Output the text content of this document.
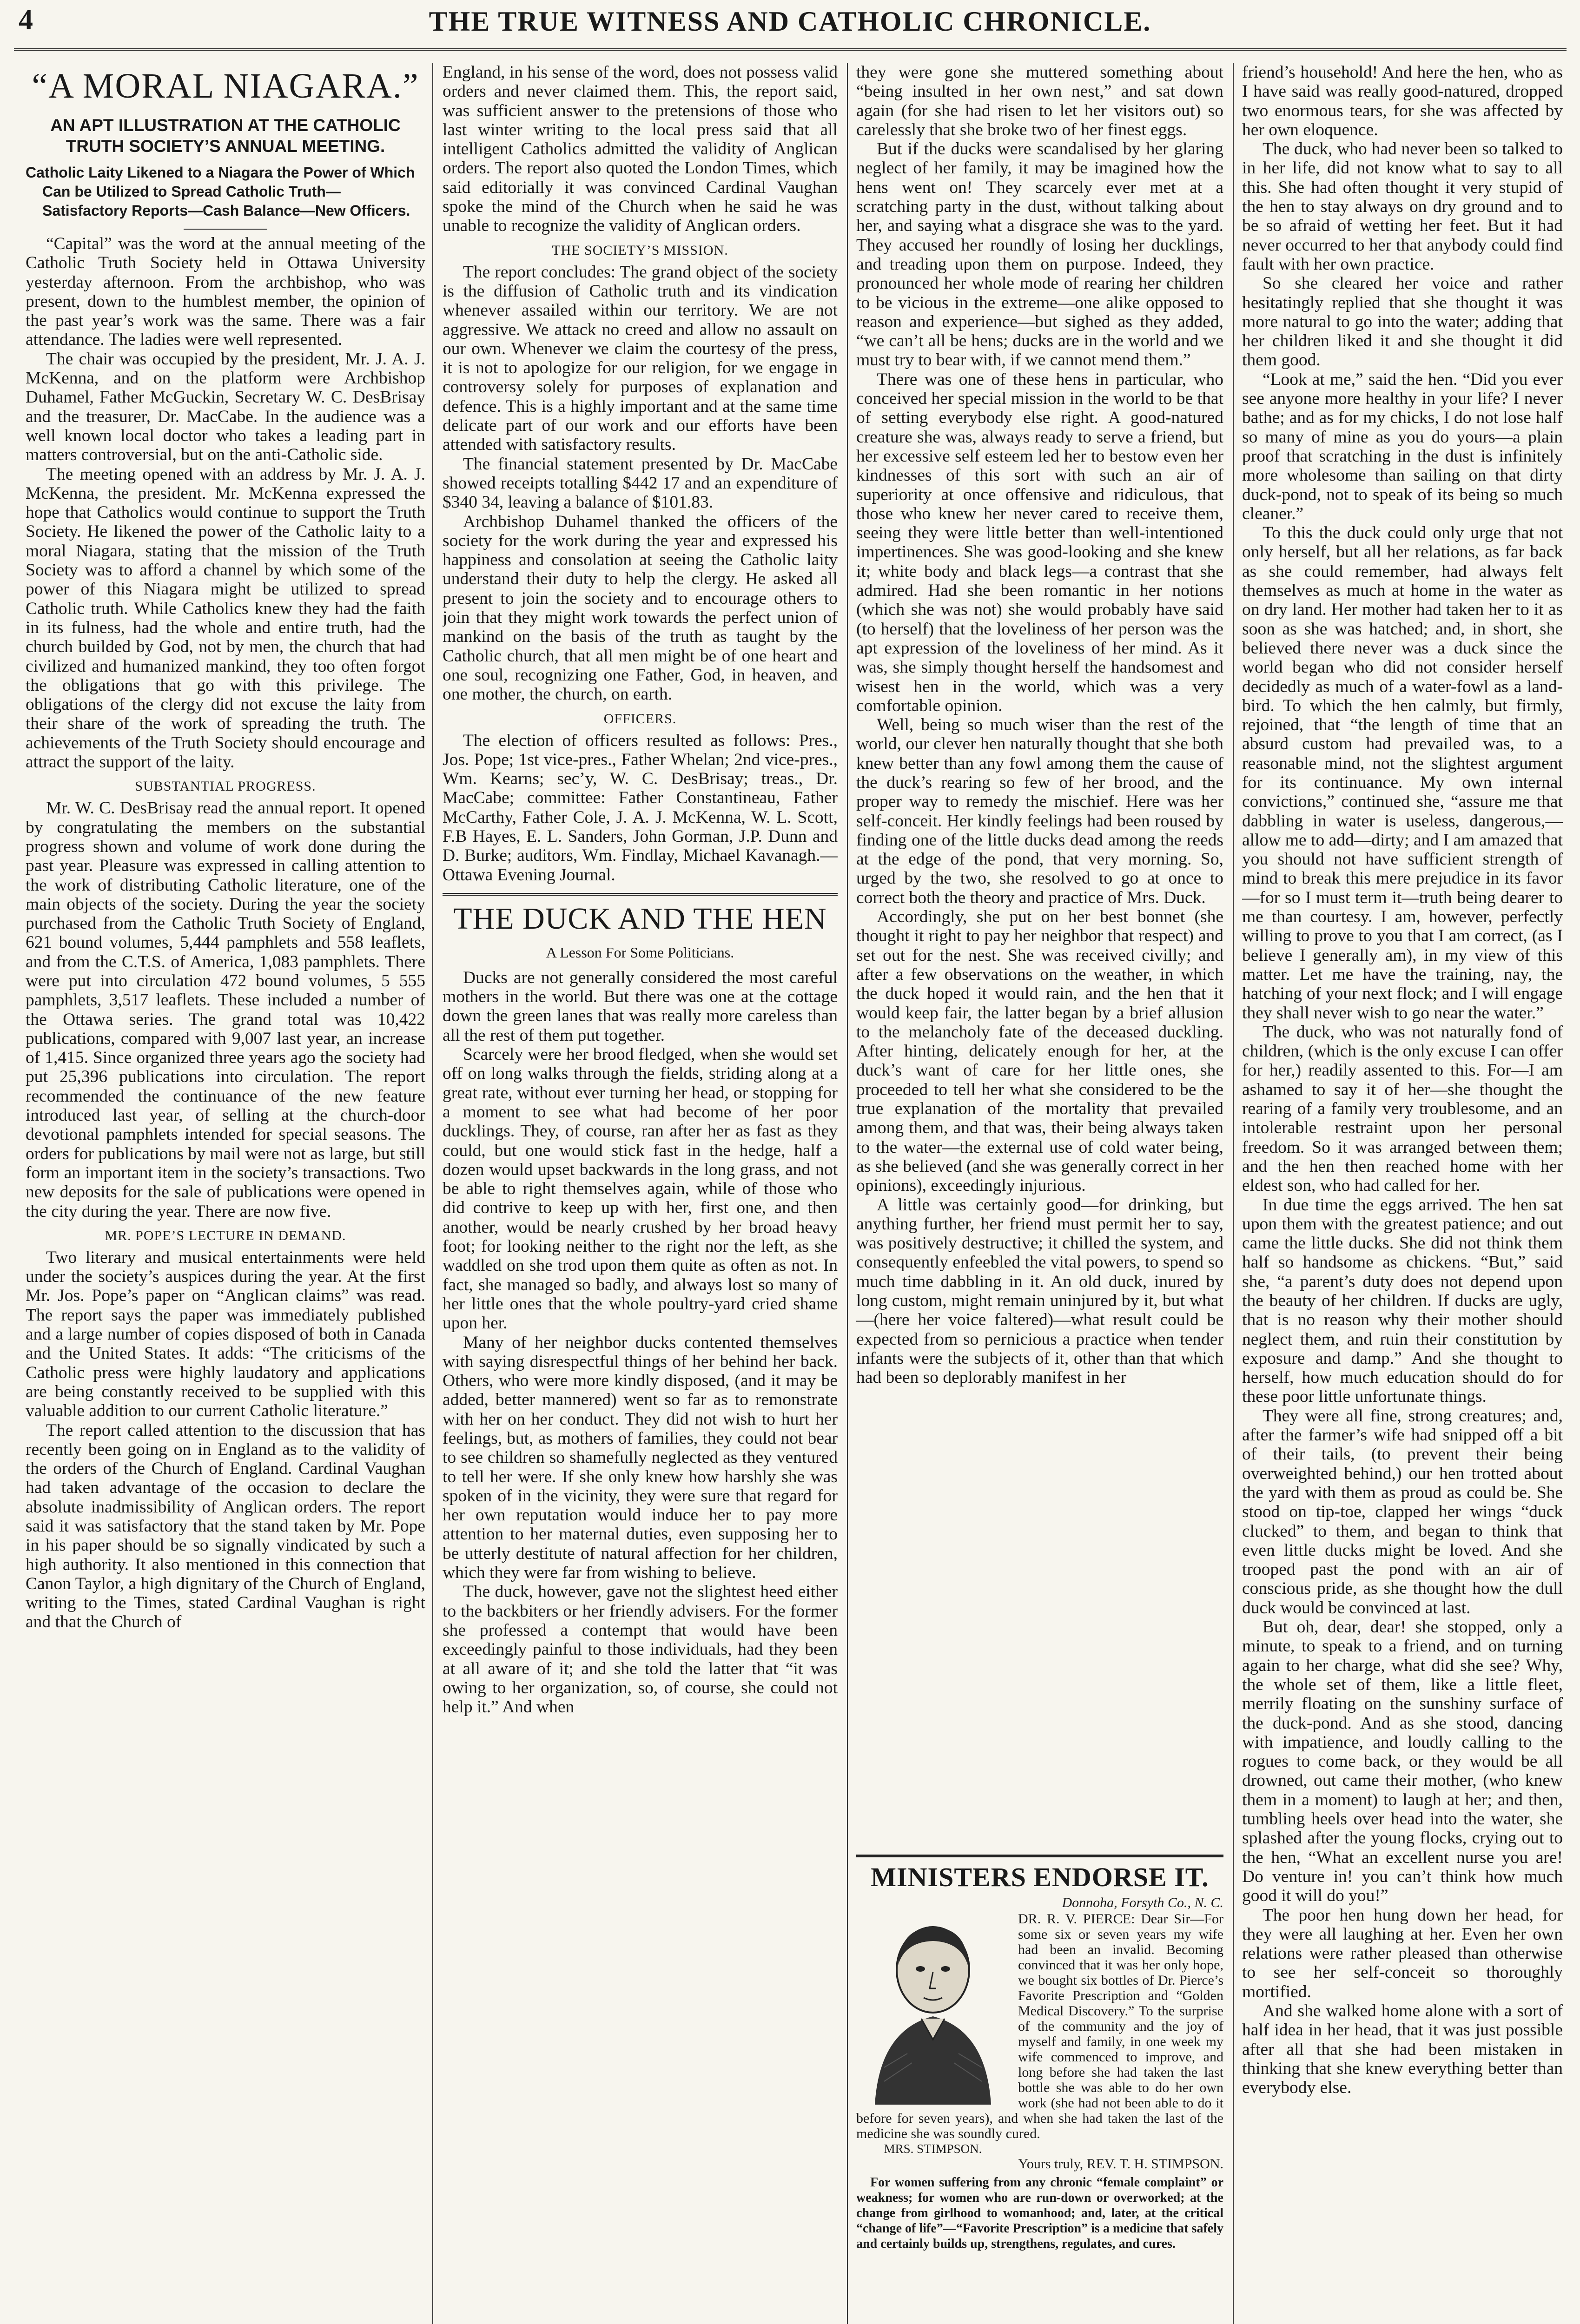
4	THE TRUE WITNESS AND CATHOLIC CHRONICLE.
“A MORAL NIAGARA.”
AN APT ILLUSTRATION AT THE CATHOLIC TRUTH SOCIETY’S ANNUAL MEETING.
Catholic Laity Likened to a Niagara the Power of Which Can be Utilized to Spread Catholic Truth—Satisfactory Reports—Cash Balance—New Officers.

“Capital” was the word at the annual meeting of the Catholic Truth Society held in Ottawa University yesterday afternoon. From the archbishop, who was present, down to the humblest member, the opinion of the past year’s work was the same. There was a fair attendance. The ladies were well represented.

The chair was occupied by the president, Mr. J. A. J. McKenna, and on the platform were Archbishop Duhamel, Father McGuckin, Secretary W. C. DesBrisay and the treasurer, Dr. MacCabe. In the audience was a well known local doctor who takes a leading part in matters controversial, but on the anti-Catholic side.

The meeting opened with an address by Mr. J. A. J. McKenna, the president. Mr. McKenna expressed the hope that Catholics would continue to support the Truth Society. He likened the power of the Catholic laity to a moral Niagara, stating that the mission of the Truth Society was to afford a channel by which some of the power of this Niagara might be utilized to spread Catholic truth. While Catholics knew they had the faith in its fulness, had the whole and entire truth, had the church builded by God, not by men, the church that had civilized and humanized mankind, they too often forgot the obligations that go with this privilege. The obligations of the clergy did not excuse the laity from their share of the work of spreading the truth. The achievements of the Truth Society should encourage and attract the support of the laity.

SUBSTANTIAL PROGRESS.

Mr. W. C. DesBrisay read the annual report. It opened by congratulating the members on the substantial progress shown and volume of work done during the past year. Pleasure was expressed in calling attention to the work of distributing Catholic literature, one of the main objects of the society. During the year the society purchased from the Catholic Truth Society of England, 621 bound volumes, 5,444 pamphlets and 558 leaflets, and from the C.T.S. of America, 1,083 pamphlets. There were put into circulation 472 bound volumes, 5 555 pamphlets, 3,517 leaflets. These included a number of the Ottawa series. The grand total was 10,422 publications, compared with 9,007 last year, an increase of 1,415. Since organized three years ago the society had put 25,396 publications into circulation. The report recommended the continuance of the new feature introduced last year, of selling at the church-door devotional pamphlets intended for special seasons. The orders for publications by mail were not as large, but still form an important item in the society’s transactions. Two new deposits for the sale of publications were opened in the city during the year. There are now five.

MR. POPE’S LECTURE IN DEMAND.

Two literary and musical entertainments were held under the society’s auspices during the year. At the first Mr. Jos. Pope’s paper on “Anglican claims” was read. The report says the paper was immediately published and a large number of copies disposed of both in Canada and the United States. It adds: “The criticisms of the Catholic press were highly laudatory and applications are being constantly received to be supplied with this valuable addition to our current Catholic literature.”

The report called attention to the discussion that has recently been going on in England as to the validity of the orders of the Church of England. Cardinal Vaughan had taken advantage of the occasion to declare the absolute inadmissibility of Anglican orders. The report said it was satisfactory that the stand taken by Mr. Pope in his paper should be so signally vindicated by such a high authority. It also mentioned in this connection that Canon Taylor, a high dignitary of the Church of England, writing to the Times, stated Cardinal Vaughan is right and that the Church of

England, in his sense of the word, does not possess valid orders and never claimed them. This, the report said, was sufficient answer to the pretensions of those who last winter writing to the local press said that all intelligent Catholics admitted the validity of Anglican orders. The report also quoted the London Times, which said editorially it was convinced Cardinal Vaughan spoke the mind of the Church when he said he was unable to recognize the validity of Anglican orders.

THE SOCIETY’S MISSION.

The report concludes: The grand object of the society is the diffusion of Catholic truth and its vindication whenever assailed within our territory. We are not aggressive. We attack no creed and allow no assault on our own. Whenever we claim the courtesy of the press, it is not to apologize for our religion, for we engage in controversy solely for purposes of explanation and defence. This is a highly important and at the same time delicate part of our work and our efforts have been attended with satisfactory results.

The financial statement presented by Dr. MacCabe showed receipts totalling $442 17 and an expenditure of $340 34, leaving a balance of $101.83.

Archbishop Duhamel thanked the officers of the society for the work during the year and expressed his happiness and consolation at seeing the Catholic laity understand their duty to help the clergy. He asked all present to join the society and to encourage others to join that they might work towards the perfect union of mankind on the basis of the truth as taught by the Catholic church, that all men might be of one heart and one soul, recognizing one Father, God, in heaven, and one mother, the church, on earth.

OFFICERS.

The election of officers resulted as follows: Pres., Jos. Pope; 1st vice-pres., Father Whelan; 2nd vice-pres., Wm. Kearns; sec’y, W. C. DesBrisay; treas., Dr. MacCabe; committee: Father Constantineau, Father McCarthy, Father Cole, J. A. J. McKenna, W. L. Scott, F.B Hayes, E. L. Sanders, John Gorman, J.P. Dunn and D. Burke; auditors, Wm. Findlay, Michael Kavanagh.—Ottawa Evening Journal.

THE DUCK AND THE HEN
A Lesson For Some Politicians.

Ducks are not generally considered the most careful mothers in the world. But there was one at the cottage down the green lanes that was really more careless than all the rest of them put together.

Scarcely were her brood fledged, when she would set off on long walks through the fields, striding along at a great rate, without ever turning her head, or stopping for a moment to see what had become of her poor ducklings. They, of course, ran after her as fast as they could, but one would stick fast in the hedge, half a dozen would upset backwards in the long grass, and not be able to right themselves again, while of those who did contrive to keep up with her, first one, and then another, would be nearly crushed by her broad heavy foot; for looking neither to the right nor the left, as she waddled on she trod upon them quite as often as not. In fact, she managed so badly, and always lost so many of her little ones that the whole poultry-yard cried shame upon her.

Many of her neighbor ducks contented themselves with saying disrespectful things of her behind her back. Others, who were more kindly disposed, (and it may be added, better mannered) went so far as to remonstrate with her on her conduct. They did not wish to hurt her feelings, but, as mothers of families, they could not bear to see children so shamefully neglected as they ventured to tell her were. If she only knew how harshly she was spoken of in the vicinity, they were sure that regard for her own reputation would induce her to pay more attention to her maternal duties, even supposing her to be utterly destitute of natural affection for her children, which they were far from wishing to believe.

The duck, however, gave not the slightest heed either to the backbiters or her friendly advisers. For the former she professed a contempt that would have been exceedingly painful to those individuals, had they been at all aware of it; and she told the latter that “it was owing to her organization, so, of course, she could not help it.” And when

they were gone she muttered something about “being insulted in her own nest,” and sat down again (for she had risen to let her visitors out) so carelessly that she broke two of her finest eggs.

But if the ducks were scandalised by her glaring neglect of her family, it may be imagined how the hens went on! They scarcely ever met at a scratching party in the dust, without talking about her, and saying what a disgrace she was to the yard. They accused her roundly of losing her ducklings, and treading upon them on purpose. Indeed, they pronounced her whole mode of rearing her children to be vicious in the extreme—one alike opposed to reason and experience—but sighed as they added, “we can’t all be hens; ducks are in the world and we must try to bear with, if we cannot mend them.”

There was one of these hens in particular, who conceived her special mission in the world to be that of setting everybody else right. A good-natured creature she was, always ready to serve a friend, but her excessive self esteem led her to bestow even her kindnesses of this sort with such an air of superiority at once offensive and ridiculous, that those who knew her never cared to receive them, seeing they were little better than well-intentioned impertinences. She was good-looking and she knew it; white body and black legs—a contrast that she admired. Had she been romantic in her notions (which she was not) she would probably have said (to herself) that the loveliness of her person was the apt expression of the loveliness of her mind. As it was, she simply thought herself the handsomest and wisest hen in the world, which was a very comfortable opinion.

Well, being so much wiser than the rest of the world, our clever hen naturally thought that she both knew better than any fowl among them the cause of the duck’s rearing so few of her brood, and the proper way to remedy the mischief. Here was her self-conceit. Her kindly feelings had been roused by finding one of the little ducks dead among the reeds at the edge of the pond, that very morning. So, urged by the two, she resolved to go at once to correct both the theory and practice of Mrs. Duck.

Accordingly, she put on her best bonnet (she thought it right to pay her neighbor that respect) and set out for the nest. She was received civilly; and after a few observations on the weather, in which the duck hoped it would rain, and the hen that it would keep fair, the latter began by a brief allusion to the melancholy fate of the deceased duckling. After hinting, delicately enough for her, at the duck’s want of care for her little ones, she proceeded to tell her what she considered to be the true explanation of the mortality that prevailed among them, and that was, their being always taken to the water—the external use of cold water being, as she believed (and she was generally correct in her opinions), exceedingly injurious.

A little was certainly good—for drinking, but anything further, her friend must permit her to say, was positively destructive; it chilled the system, and consequently enfeebled the vital powers, to spend so much time dabbling in it. An old duck, inured by long custom, might remain uninjured by it, but what—(here her voice faltered)—what result could be expected from so pernicious a practice when tender infants were the subjects of it, other than that which had been so deplorably manifest in her

MINISTERS ENDORSE IT.
Donnoha, Forsyth Co., N. C.
DR. R. V. PIERCE: Dear Sir—For some six or seven years my wife had been an invalid. Becoming convinced that it was her only hope, we bought six bottles of Dr. Pierce’s Favorite Prescription and “Golden Medical Discovery.” To the surprise of the community and the joy of myself and family, in one week my wife commenced to improve, and long before she had taken the last bottle she was able to do her own work (she had not been able to do it before for seven years), and when she had taken the last of the medicine she was soundly cured.
MRS. STIMPSON.
Yours truly, REV. T. H. STIMPSON.
For women suffering from any chronic “female complaint” or weakness; for women who are run-down or overworked; at the change from girlhood to womanhood; and, later, at the critical “change of life”—“Favorite Prescription” is a medicine that safely and certainly builds up, strengthens, regulates, and cures.

friend’s household! And here the hen, who as I have said was really good-natured, dropped two enormous tears, for she was affected by her own eloquence.

The duck, who had never been so talked to in her life, did not know what to say to all this. She had often thought it very stupid of the hen to stay always on dry ground and to be so afraid of wetting her feet. But it had never occurred to her that anybody could find fault with her own practice.

So she cleared her voice and rather hesitatingly replied that she thought it was more natural to go into the water; adding that her children liked it and she thought it did them good.

“Look at me,” said the hen. “Did you ever see anyone more healthy in your life? I never bathe; and as for my chicks, I do not lose half so many of mine as you do yours—a plain proof that scratching in the dust is infinitely more wholesome than sailing on that dirty duck-pond, not to speak of its being so much cleaner.”

To this the duck could only urge that not only herself, but all her relations, as far back as she could remember, had always felt themselves as much at home in the water as on dry land. Her mother had taken her to it as soon as she was hatched; and, in short, she believed there never was a duck since the world began who did not consider herself decidedly as much of a water-fowl as a land-bird. To which the hen calmly, but firmly, rejoined, that “the length of time that an absurd custom had prevailed was, to a reasonable mind, not the slightest argument for its continuance. My own internal convictions,” continued she, “assure me that dabbling in water is useless, dangerous,—allow me to add—dirty; and I am amazed that you should not have sufficient strength of mind to break this mere prejudice in its favor—for so I must term it—truth being dearer to me than courtesy. I am, however, perfectly willing to prove to you that I am correct, (as I believe I generally am), in my view of this matter. Let me have the training, nay, the hatching of your next flock; and I will engage they shall never wish to go near the water.”

The duck, who was not naturally fond of children, (which is the only excuse I can offer for her,) readily assented to this. For—I am ashamed to say it of her—she thought the rearing of a family very troublesome, and an intolerable restraint upon her personal freedom. So it was arranged between them; and the hen then reached home with her eldest son, who had called for her.

In due time the eggs arrived. The hen sat upon them with the greatest patience; and out came the little ducks. She did not think them half so handsome as chickens. “But,” said she, “a parent’s duty does not depend upon the beauty of her children. If ducks are ugly, that is no reason why their mother should neglect them, and ruin their constitution by exposure and damp.” And she thought to herself, how much education should do for these poor little unfortunate things.

They were all fine, strong creatures; and, after the farmer’s wife had snipped off a bit of their tails, (to prevent their being overweighted behind,) our hen trotted about the yard with them as proud as could be. She stood on tip-toe, clapped her wings “duck clucked” to them, and began to think that even little ducks might be loved. And she trooped past the pond with an air of conscious pride, as she thought how the dull duck would be convinced at last.

But oh, dear, dear! she stopped, only a minute, to speak to a friend, and on turning again to her charge, what did she see? Why, the whole set of them, like a little fleet, merrily floating on the sunshiny surface of the duck-pond. And as she stood, dancing with impatience, and loudly calling to the rogues to come back, or they would be all drowned, out came their mother, (who knew them in a moment) to laugh at her; and then, tumbling heels over head into the water, she splashed after the young flocks, crying out to the hen, “What an excellent nurse you are! Do venture in! you can’t think how much good it will do you!”

The poor hen hung down her head, for they were all laughing at her. Even her own relations were rather pleased than otherwise to see her self-conceit so thoroughly mortified.

And she walked home alone with a sort of half idea in her head, that it was just possible after all that she had been mistaken in thinking that she knew everything better than everybody else.
